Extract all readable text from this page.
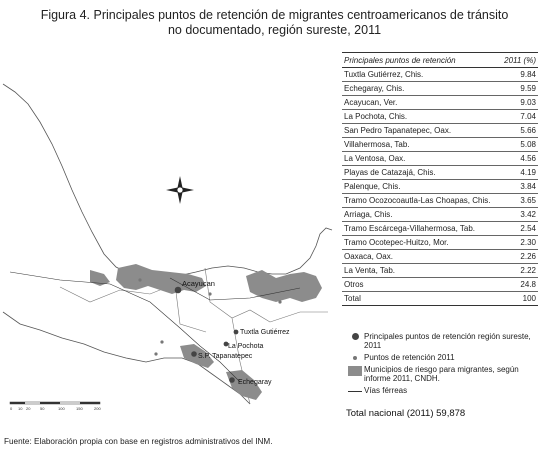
Figura 4. Principales puntos de retención de migrantes centroamericanos de tránsito
no documentado, región sureste, 2011
Acayucan
Tuxtla Gutiérrez
La Pochota
S.P. Tapanatepec
Echegaray
0 10 20 50	100	150	200
Principales puntos de retención	2011 (%)
Tuxtla Gutiérrez, Chis.	9.84
Echegaray, Chis.	9.59
Acayucan, Ver.	9.03
La Pochota, Chis.	7.04
San Pedro Tapanatepec, Oax.	5.66
Villahermosa, Tab.	5.08
La Ventosa, Oax.	4.56
Playas de Catazajá, Chis.	4.19
Palenque, Chis.	3.84
Tramo Ocozocoautla-Las Choapas, Chis.	3.65
Arriaga, Chis.	3.42
Tramo Escárcega-Villahermosa, Tab.	2.54
Tramo Ocotepec-Huitzo, Mor.	2.30
Oaxaca, Oax.	2.26
La Venta, Tab.	2.22
Otros	24.8
Total	100
Principales puntos de retención región sureste, 2011
Puntos de retención 2011
Municipios de riesgo para migrantes, según informe 2011, CNDH.
Vías férreas
Total nacional (2011) 59,878
Fuente: Elaboración propia con base en registros administrativos del INM.
